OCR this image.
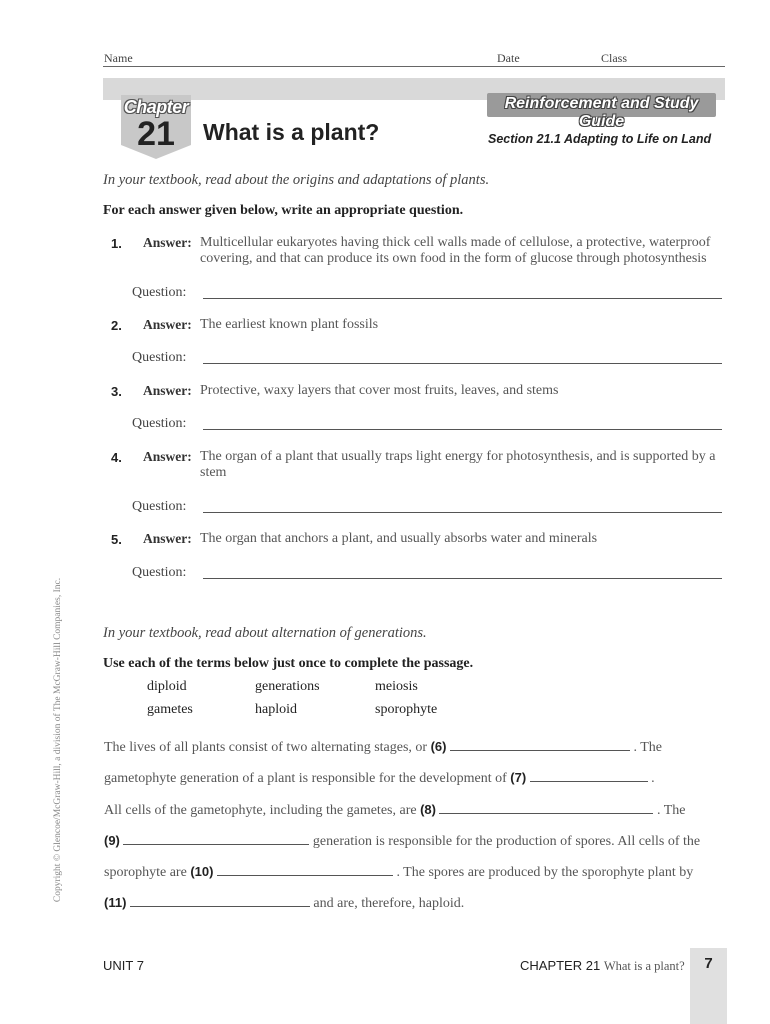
Name	Date	Class
Chapter
21	What is a plant?
Reinforcement and Study Guide
Section 21.1 Adapting to Life on Land
In your textbook, read about the origins and adaptations of plants.
For each answer given below, write an appropriate question.
1. Answer: Multicellular eukaryotes having thick cell walls made of cellulose, a protective, waterproof covering, and that can produce its own food in the form of glucose through photosynthesis
Question:
2. Answer: The earliest known plant fossils
Question:
3. Answer: Protective, waxy layers that cover most fruits, leaves, and stems
Question:
4. Answer: The organ of a plant that usually traps light energy for photosynthesis, and is supported by a stem
Question:
5. Answer: The organ that anchors a plant, and usually absorbs water and minerals
Question:
In your textbook, read about alternation of generations.
Use each of the terms below just once to complete the passage.
diploid	generations	meiosis
gametes	haploid	sporophyte
The lives of all plants consist of two alternating stages, or (6)	. The
gametophyte generation of a plant is responsible for the development of (7)	.
All cells of the gametophyte, including the gametes, are (8)	. The
(9)	generation is responsible for the production of spores. All cells of the
sporophyte are (10)	. The spores are produced by the sporophyte plant by
(11)	and are, therefore, haploid.
Copyright © Glencoe/McGraw-Hill, a division of The McGraw-Hill Companies, Inc.
UNIT 7	CHAPTER 21 What is a plant?	7
